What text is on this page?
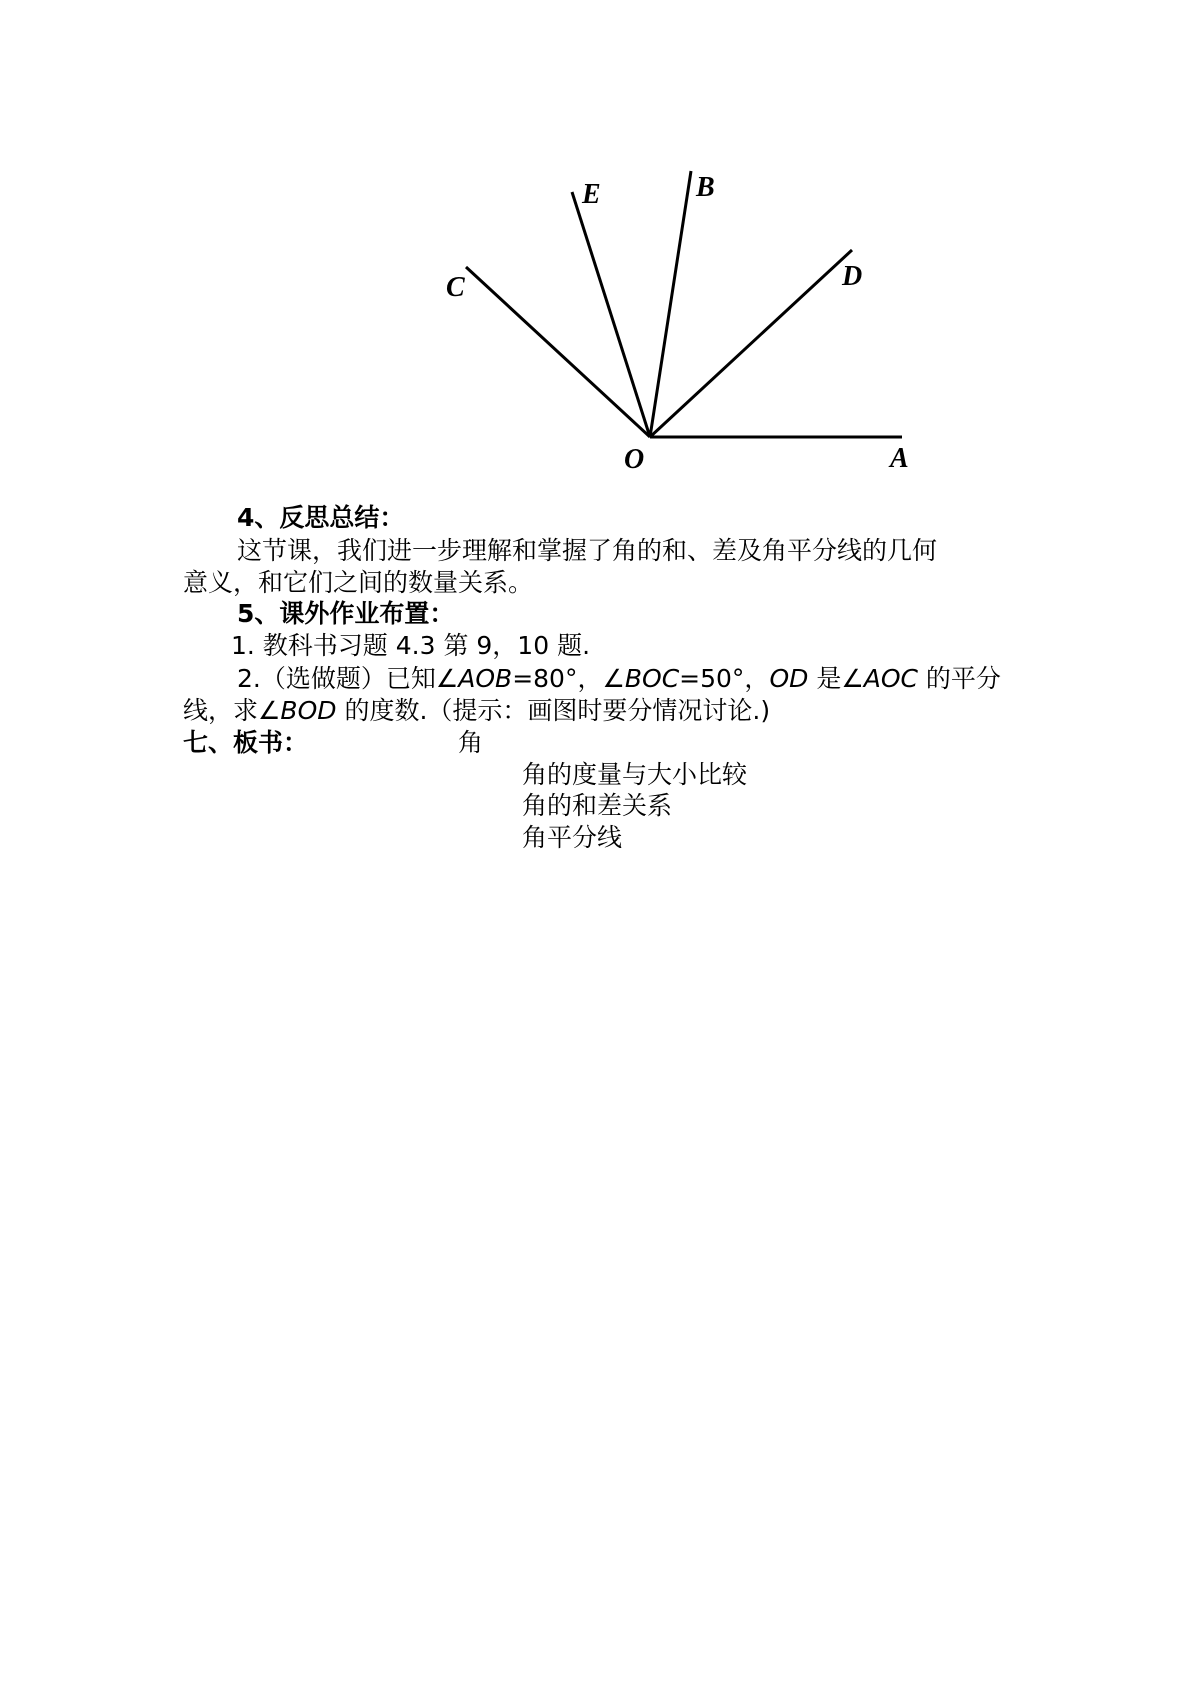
O	A
C
E	B
D
4、反思总结：
这节课，我们进一步理解和掌握了角的和、差及角平分线的几何
意义，和它们之间的数量关系。
5、课外作业布置：
1. 教科书习题 4.3 第 9，10 题.
2.（选做题）已知∠AOB=80°，∠BOC=50°，OD 是∠AOC 的平分
线，求∠BOD 的度数.（提示：画图时要分情况讨论.)
七、板书：	角
角的度量与大小比较
角的和差关系
角平分线
